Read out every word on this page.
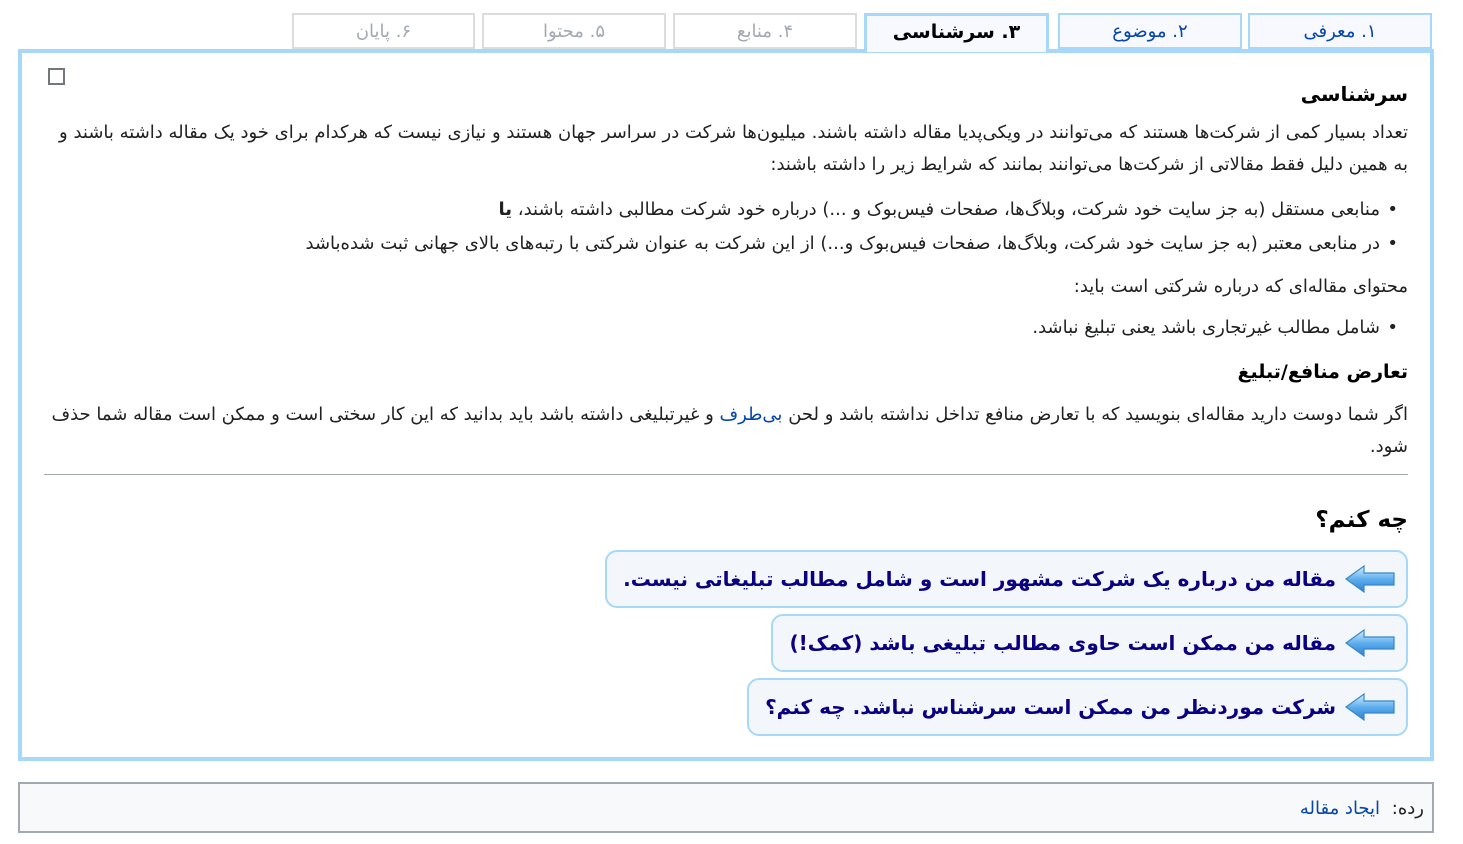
۱. معرفی
۲. موضوع
۳. سرشناسی
۴. منابع
۵. محتوا
۶. پایان
سرشناسی

تعداد بسیار کمی از شرکت‌ها هستند که می‌توانند در ویکی‌پدیا مقاله داشته باشند. میلیون‌ها شرکت در سراسر جهان هستند و نیازی نیست که هرکدام برای خود یک مقاله داشته باشند و به همین دلیل فقط مقالاتی از شرکت‌ها می‌توانند بمانند که شرایط زیر را داشته باشند:

• منابعی مستقل (به جز سایت خود شرکت، وبلاگ‌ها، صفحات فیس‌بوک و ...) درباره خود شرکت مطالبی داشته باشند، یا
• در منابعی معتبر (به جز سایت خود شرکت، وبلاگ‌ها، صفحات فیس‌بوک و...) از این شرکت به عنوان شرکتی با رتبه‌های بالای جهانی ثبت شده‌باشد

محتوای مقاله‌ای که درباره شرکتی است باید:

• شامل مطالب غیرتجاری باشد یعنی تبلیغ نباشد.
تعارض منافع/تبلیغ

اگر شما دوست دارید مقاله‌ای بنویسید که با تعارض منافع تداخل نداشته باشد و لحن بی‌طرف و غیرتبلیغی داشته باشد باید بدانید که این کار سختی است و ممکن است مقاله شما حذف شود.

چه کنم؟
مقاله من درباره یک شرکت مشهور است و شامل مطالب تبلیغاتی نیست.
مقاله من ممکن است حاوی مطالب تبلیغی باشد (کمک!)
شرکت موردنظر من ممکن است سرشناس نباشد. چه کنم؟
رده: ایجاد مقاله
